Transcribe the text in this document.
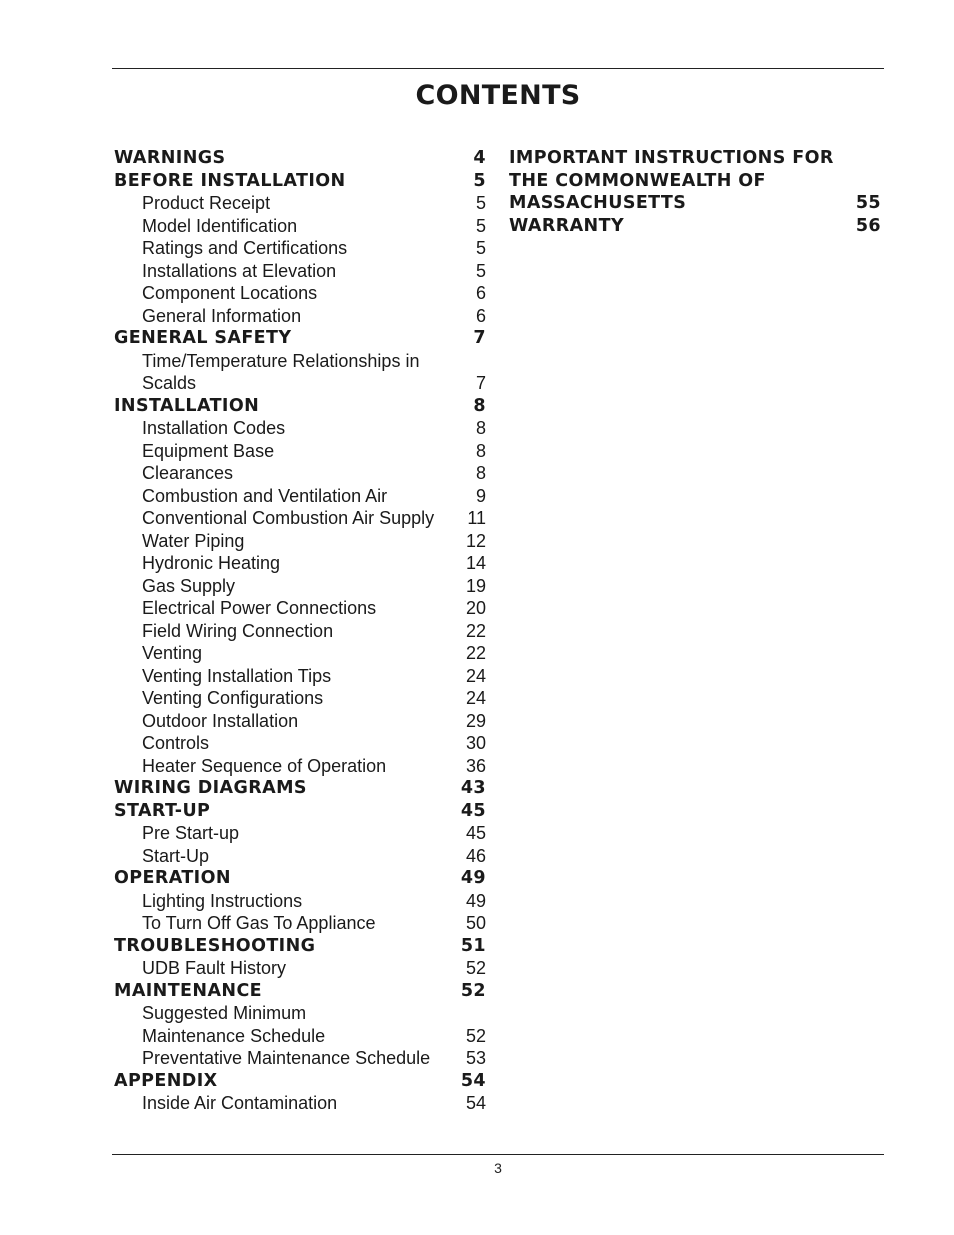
CONTENTS
WARNINGS	4
BEFORE INSTALLATION	5
Product Receipt	5
Model Identification	5
Ratings and Certifications	5
Installations at Elevation	5
Component Locations	6
General Information	6
GENERAL SAFETY	7
Time/Temperature Relationships in
Scalds	7
INSTALLATION	8
Installation Codes	8
Equipment Base	8
Clearances	8
Combustion and Ventilation Air	9
Conventional Combustion Air Supply 11
Water Piping	12
Hydronic Heating	14
Gas Supply	19
Electrical Power Connections	20
Field Wiring Connection	22
Venting	22
Venting Installation Tips	24
Venting Configurations	24
Outdoor Installation	29
Controls	30
Heater Sequence of Operation	36
WIRING DIAGRAMS	43
START-UP	45
Pre Start-up	45
Start-Up	46
OPERATION	49
Lighting Instructions	49
To Turn Off Gas To Appliance	50
TROUBLESHOOTING	51
UDB Fault History	52
MAINTENANCE	52
Suggested Minimum
Maintenance Schedule	52
Preventative Maintenance Schedule 53
APPENDIX	54
Inside Air Contamination	54
IMPORTANT INSTRUCTIONS FOR
THE COMMONWEALTH OF
MASSACHUSETTS	55
WARRANTY	56
3
